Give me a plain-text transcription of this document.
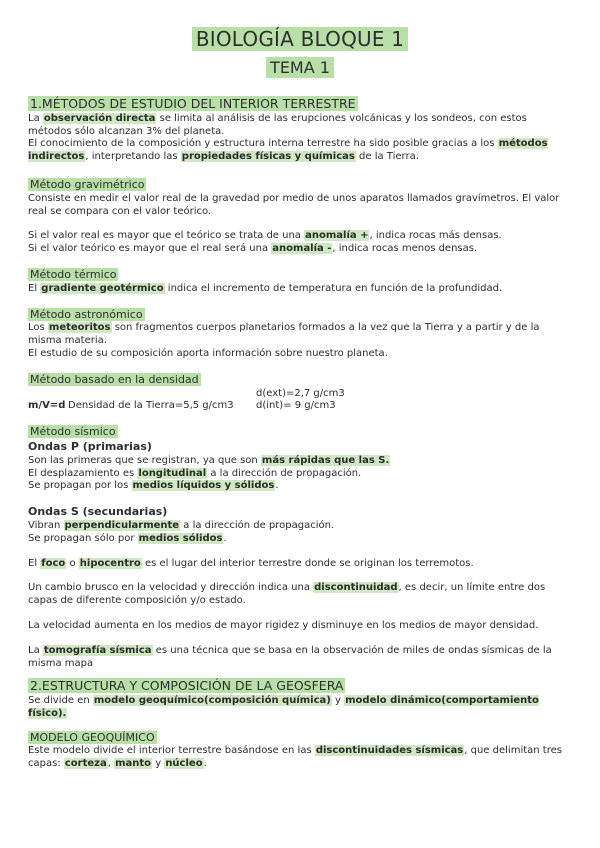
BIOLOGÍA BLOQUE 1
TEMA 1
1.MÉTODOS DE ESTUDIO DEL INTERIOR TERRESTRE

La observación directa se limita al análisis de las erupciones volcánicas y los sondeos, con estos métodos sólo alcanzan 3% del planeta.

El conocimiento de la composición y estructura interna terrestre ha sido posible gracias a los métodos indirectos, interpretando las propiedades físicas y químicas de la Tierra.

Método gravimétrico

Consiste en medir el valor real de la gravedad por medio de unos aparatos llamados gravímetros. El valor real se compara con el valor teórico.

Si el valor real es mayor que el teórico se trata de una anomalía +, indica rocas más densas.

Si el valor teórico es mayor que el real será una anomalía -, indica rocas menos densas.

Método térmico

El gradiente geotérmico indica el incremento de temperatura en función de la profundidad.

Método astronómico

Los meteoritos son fragmentos cuerpos planetarios formados a la vez que la Tierra y a partir y de la misma materia.

El estudio de su composición aporta información sobre nuestro planeta.

Método basado en la densidad
d(ext)=2,7 g/cm3
m/V=d Densidad de la Tierra=5,5 g/cm3 d(int)= 9 g/cm3
Método sísmico
Ondas P (primarias)

Son las primeras que se registran, ya que son más rápidas que las S.

El desplazamiento es longitudinal a la dirección de propagación.

Se propagan por los medios líquidos y sólidos.

Ondas S (secundarias)

Vibran perpendicularmente a la dirección de propagación.

Se propagan sólo por medios sólidos.

El foco o hipocentro es el lugar del interior terrestre donde se originan los terremotos.

Un cambio brusco en la velocidad y dirección indica una discontinuidad, es decir, un límite entre dos capas de diferente composición y/o estado.

La velocidad aumenta en los medios de mayor rigidez y disminuye en los medios de mayor densidad.

La tomografía sísmica es una técnica que se basa en la observación de miles de ondas sísmicas de la misma mapa

2.ESTRUCTURA Y COMPOSICIÓN DE LA GEOSFERA

Se divide en modelo geoquímico(composición química) y modelo dinámico(comportamiento físico).

MODELO GEOQUÍMICO

Este modelo divide el interior terrestre basándose en las discontinuidades sísmicas, que delimitan tres capas: corteza, manto y núcleo.
